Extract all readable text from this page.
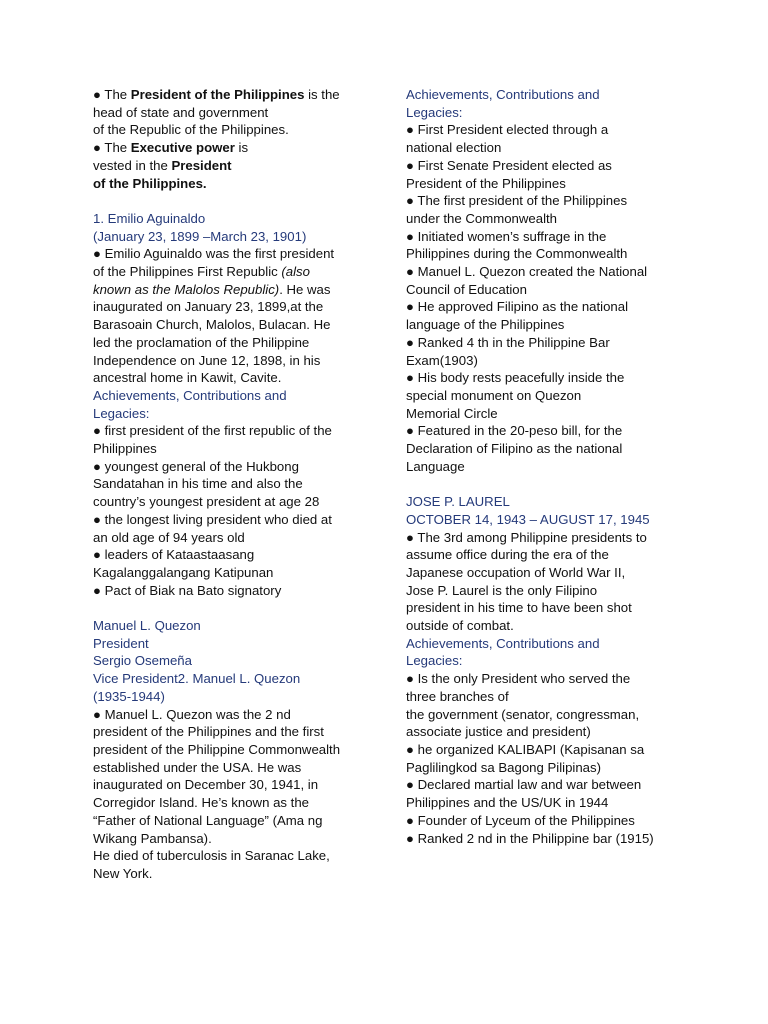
● The President of the Philippines is the
head of state and government
of the Republic of the Philippines.
● The Executive power is
vested in the President
of the Philippines.
1. Emilio Aguinaldo
(January 23, 1899 –March 23, 1901)
● Emilio Aguinaldo was the first president
of the Philippines First Republic (also
known as the Malolos Republic). He was
inaugurated on January 23, 1899,at the
Barasoain Church, Malolos, Bulacan. He
led the proclamation of the Philippine
Independence on June 12, 1898, in his
ancestral home in Kawit, Cavite.
Achievements, Contributions and
Legacies:
● first president of the first republic of the
Philippines
● youngest general of the Hukbong
Sandatahan in his time and also the
country’s youngest president at age 28
● the longest living president who died at
an old age of 94 years old
● leaders of Kataastaasang
Kagalanggalangang Katipunan
● Pact of Biak na Bato signatory
Manuel L. Quezon
President
Sergio Osemeña
Vice President2. Manuel L. Quezon
(1935-1944)
● Manuel L. Quezon was the 2 nd
president of the Philippines and the first
president of the Philippine Commonwealth
established under the USA. He was
inaugurated on December 30, 1941, in
Corregidor Island. He’s known as the
“Father of National Language” (Ama ng
Wikang Pambansa).
He died of tuberculosis in Saranac Lake,
New York.
Achievements, Contributions and
Legacies:
● First President elected through a
national election
● First Senate President elected as
President of the Philippines
● The first president of the Philippines
under the Commonwealth
● Initiated women’s suffrage in the
Philippines during the Commonwealth
● Manuel L. Quezon created the National
Council of Education
● He approved Filipino as the national
language of the Philippines
● Ranked 4 th in the Philippine Bar
Exam(1903)
● His body rests peacefully inside the
special monument on Quezon
Memorial Circle
● Featured in the 20-peso bill, for the
Declaration of Filipino as the national
Language
JOSE P. LAUREL
OCTOBER 14, 1943 – AUGUST 17, 1945
● The 3rd among Philippine presidents to
assume office during the era of the
Japanese occupation of World War II,
Jose P. Laurel is the only Filipino
president in his time to have been shot
outside of combat.
Achievements, Contributions and
Legacies:
● Is the only President who served the
three branches of
the government (senator, congressman,
associate justice and president)
● he organized KALIBAPI (Kapisanan sa
Paglilingkod sa Bagong Pilipinas)
● Declared martial law and war between
Philippines and the US/UK in 1944
● Founder of Lyceum of the Philippines
● Ranked 2 nd in the Philippine bar (1915)
